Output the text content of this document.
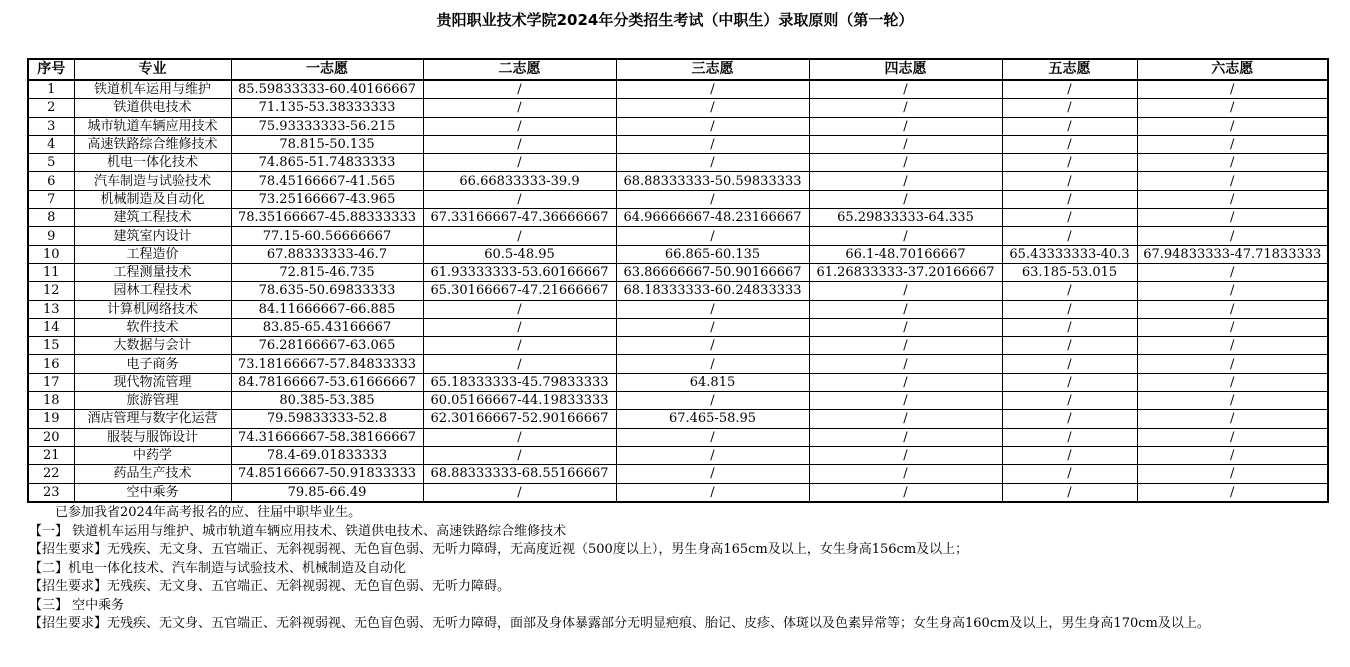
贵阳职业技术学院2024年分类招生考试（中职生）录取原则（第一轮）
序号	专业	一志愿	二志愿	三志愿	四志愿	五志愿	六志愿
1	铁道机车运用与维护	85.59833333-60.40166667	/	/	/	/	/
2	铁道供电技术	71.135-53.38333333	/	/	/	/	/
3	城市轨道车辆应用技术	75.93333333-56.215	/	/	/	/	/
4	高速铁路综合维修技术	78.815-50.135	/	/	/	/	/
5	机电一体化技术	74.865-51.74833333	/	/	/	/	/
6	汽车制造与试验技术	78.45166667-41.565	66.66833333-39.9	68.88333333-50.59833333	/	/	/
7	机械制造及自动化	73.25166667-43.965	/	/	/	/	/
8	建筑工程技术	78.35166667-45.88333333	67.33166667-47.36666667	64.96666667-48.23166667	65.29833333-64.335	/	/
9	建筑室内设计	77.15-60.56666667	/	/	/	/	/
10	工程造价	67.88333333-46.7	60.5-48.95	66.865-60.135	66.1-48.70166667	65.43333333-40.3	67.94833333-47.71833333
11	工程测量技术	72.815-46.735	61.93333333-53.60166667	63.86666667-50.90166667	61.26833333-37.20166667	63.185-53.015	/
12	园林工程技术	78.635-50.69833333	65.30166667-47.21666667	68.18333333-60.24833333	/	/	/
13	计算机网络技术	84.11666667-66.885	/	/	/	/	/
14	软件技术	83.85-65.43166667	/	/	/	/	/
15	大数据与会计	76.28166667-63.065	/	/	/	/	/
16	电子商务	73.18166667-57.84833333	/	/	/	/	/
17	现代物流管理	84.78166667-53.61666667	65.18333333-45.79833333	64.815	/	/	/
18	旅游管理	80.385-53.385	60.05166667-44.19833333	/	/	/	/
19	酒店管理与数字化运营	79.59833333-52.8	62.30166667-52.90166667	67.465-58.95	/	/	/
20	服装与服饰设计	74.31666667-58.38166667	/	/	/	/	/
21	中药学	78.4-69.01833333	/	/	/	/	/
22	药品生产技术	74.85166667-50.91833333	68.88333333-68.55166667	/	/	/	/
23	空中乘务	79.85-66.49	/	/	/	/	/

　　已参加我省2024年高考报名的应、往届中职毕业生。

【一】 铁道机车运用与维护、城市轨道车辆应用技术、铁道供电技术、高速铁路综合维修技术

【招生要求】无残疾、无文身、五官端正、无斜视弱视、无色盲色弱、无听力障碍，无高度近视（500度以上），男生身高165cm及以上，女生身高156cm及以上；

【二】机电一体化技术、汽车制造与试验技术、机械制造及自动化

【招生要求】无残疾、无文身、五官端正、无斜视弱视、无色盲色弱、无听力障碍。

【三】 空中乘务

【招生要求】无残疾、无文身、五官端正、无斜视弱视、无色盲色弱、无听力障碍，面部及身体暴露部分无明显疤痕、胎记、皮疹、体斑以及色素异常等；女生身高160cm及以上，男生身高170cm及以上。
